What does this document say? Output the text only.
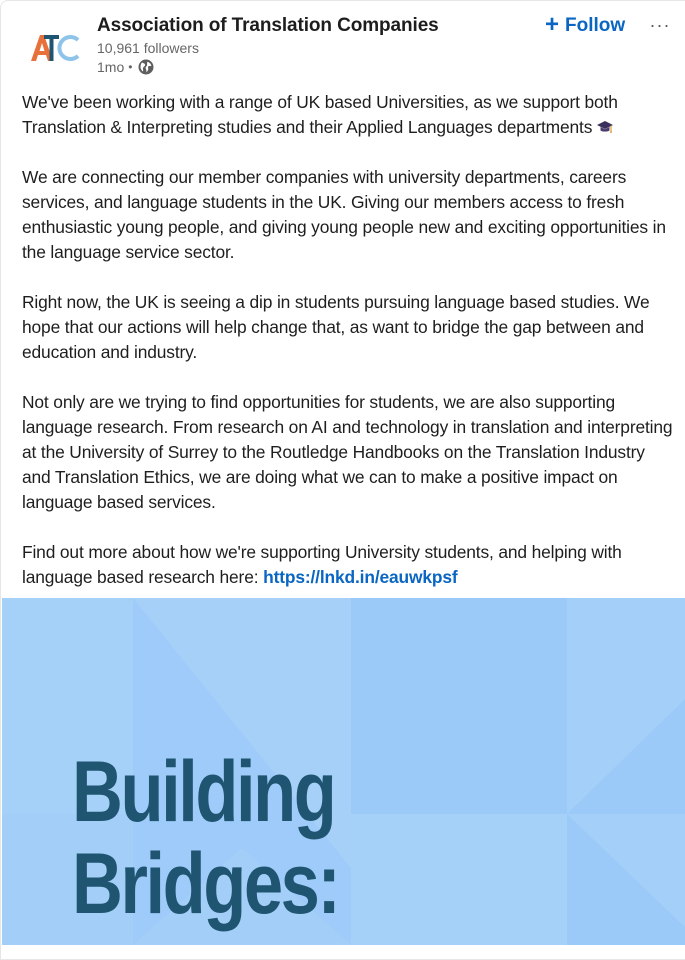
Association of Translation Companies
10,961 followers
1mo •
+ Follow ···

We've been working with a range of UK based Universities, as we support both Translation & Interpreting studies and their Applied Languages departments

We are connecting our member companies with university departments, careers services, and language students in the UK. Giving our members access to fresh enthusiastic young people, and giving young people new and exciting opportunities in the language service sector.

Right now, the UK is seeing a dip in students pursuing language based studies. We hope that our actions will help change that, as want to bridge the gap between and education and industry.

Not only are we trying to find opportunities for students, we are also supporting language research. From research on AI and technology in translation and interpreting at the University of Surrey to the Routledge Handbooks on the Translation Industry and Translation Ethics, we are doing what we can to make a positive impact on language based services.

Find out more about how we're supporting University students, and helping with language based research here: https://lnkd.in/eauwkpsf

Building
Bridges:
